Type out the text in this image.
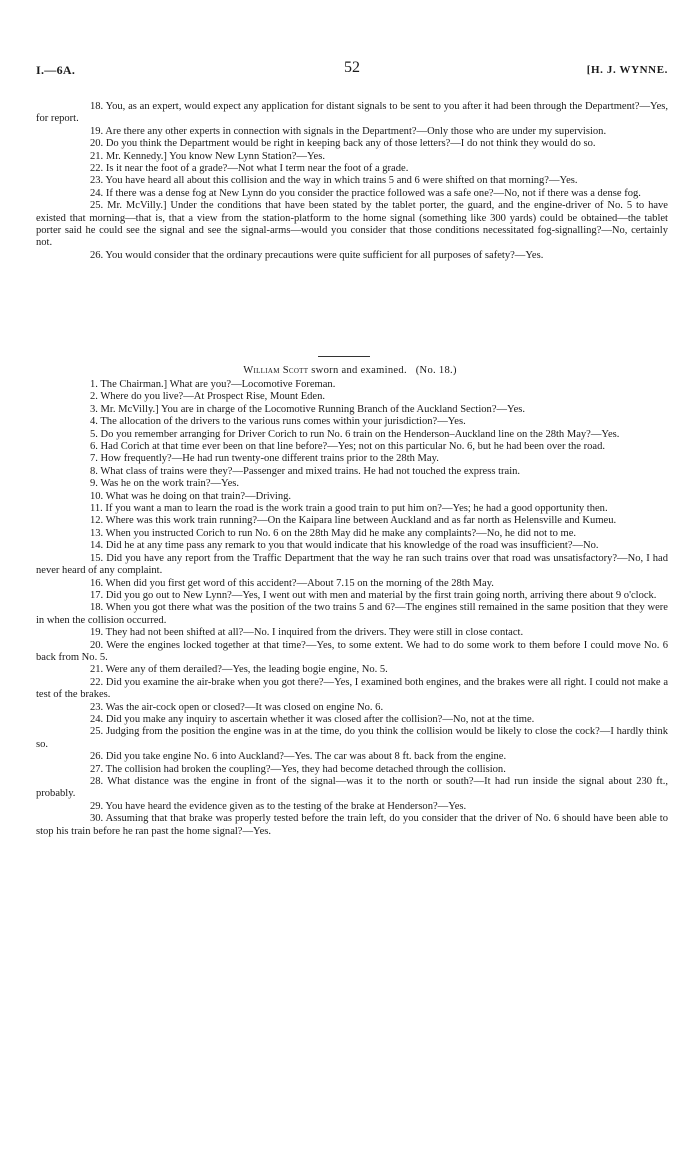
I.—6A.	52	[H. J. WYNNE.

18. You, as an expert, would expect any application for distant signals to be sent to you after it had been through the Department?—Yes, for report.

19. Are there any other experts in connection with signals in the Department?—Only those who are under my supervision.

20. Do you think the Department would be right in keeping back any of those letters?—I do not think they would do so.

21. Mr. Kennedy.] You know New Lynn Station?—Yes.

22. Is it near the foot of a grade?—Not what I term near the foot of a grade.

23. You have heard all about this collision and the way in which trains 5 and 6 were shifted on that morning?—Yes.

24. If there was a dense fog at New Lynn do you consider the practice followed was a safe one?—No, not if there was a dense fog.

25. Mr. McVilly.] Under the conditions that have been stated by the tablet porter, the guard, and the engine-driver of No. 5 to have existed that morning—that is, that a view from the station-platform to the home signal (something like 300 yards) could be obtained—the tablet porter said he could see the signal and see the signal-arms—would you consider that those conditions necessitated fog-signalling?—No, certainly not.

26. You would consider that the ordinary precautions were quite sufficient for all purposes of safety?—Yes.

William Scott sworn and examined. (No. 18.)

1. The Chairman.] What are you?—Locomotive Foreman.

2. Where do you live?—At Prospect Rise, Mount Eden.

3. Mr. McVilly.] You are in charge of the Locomotive Running Branch of the Auckland Section?—Yes.

4. The allocation of the drivers to the various runs comes within your jurisdiction?—Yes.

5. Do you remember arranging for Driver Corich to run No. 6 train on the Henderson–Auckland line on the 28th May?—Yes.

6. Had Corich at that time ever been on that line before?—Yes; not on this particular No. 6, but he had been over the road.

7. How frequently?—He had run twenty-one different trains prior to the 28th May.

8. What class of trains were they?—Passenger and mixed trains. He had not touched the express train.

9. Was he on the work train?—Yes.

10. What was he doing on that train?—Driving.

11. If you want a man to learn the road is the work train a good train to put him on?—Yes; he had a good opportunity then.

12. Where was this work train running?—On the Kaipara line between Auckland and as far north as Helensville and Kumeu.

13. When you instructed Corich to run No. 6 on the 28th May did he make any complaints?—No, he did not to me.

14. Did he at any time pass any remark to you that would indicate that his knowledge of the road was insufficient?—No.

15. Did you have any report from the Traffic Department that the way he ran such trains over that road was unsatisfactory?—No, I had never heard of any complaint.

16. When did you first get word of this accident?—About 7.15 on the morning of the 28th May.

17. Did you go out to New Lynn?—Yes, I went out with men and material by the first train going north, arriving there about 9 o'clock.

18. When you got there what was the position of the two trains 5 and 6?—The engines still remained in the same position that they were in when the collision occurred.

19. They had not been shifted at all?—No. I inquired from the drivers. They were still in close contact.

20. Were the engines locked together at that time?—Yes, to some extent. We had to do some work to them before I could move No. 6 back from No. 5.

21. Were any of them derailed?—Yes, the leading bogie engine, No. 5.

22. Did you examine the air-brake when you got there?—Yes, I examined both engines, and the brakes were all right. I could not make a test of the brakes.

23. Was the air-cock open or closed?—It was closed on engine No. 6.

24. Did you make any inquiry to ascertain whether it was closed after the collision?—No, not at the time.

25. Judging from the position the engine was in at the time, do you think the collision would be likely to close the cock?—I hardly think so.

26. Did you take engine No. 6 into Auckland?—Yes. The car was about 8 ft. back from the engine.

27. The collision had broken the coupling?—Yes, they had become detached through the collision.

28. What distance was the engine in front of the signal—was it to the north or south?—It had run inside the signal about 230 ft., probably.

29. You have heard the evidence given as to the testing of the brake at Henderson?—Yes.

30. Assuming that that brake was properly tested before the train left, do you consider that the driver of No. 6 should have been able to stop his train before he ran past the home signal?—Yes.
